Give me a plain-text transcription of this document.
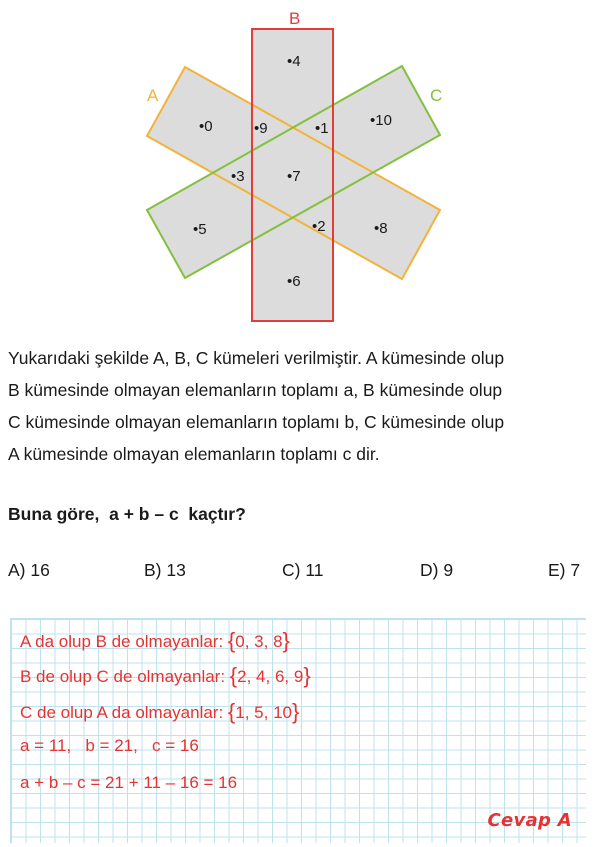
B
A	C
•4
•0	•9	•1	•10
•3	•7
•5	•2	•8
•6
Yukarıdaki şekilde A, B, C kümeleri verilmiştir. A kümesinde olup
B kümesinde olmayan elemanların toplamı a, B kümesinde olup
C kümesinde olmayan elemanların toplamı b, C kümesinde olup
A kümesinde olmayan elemanların toplamı c dir.
Buna göre,  a + b – c  kaçtır?
A) 16	B) 13	C) 11	D) 9	E) 7
A da olup B de olmayanlar: {0, 3, 8}
B de olup C de olmayanlar: {2, 4, 6, 9}
C de olup A da olmayanlar: {1, 5, 10}
a = 11,   b = 21,   c = 16
a + b – c = 21 + 11 – 16 = 16
Cevap A
